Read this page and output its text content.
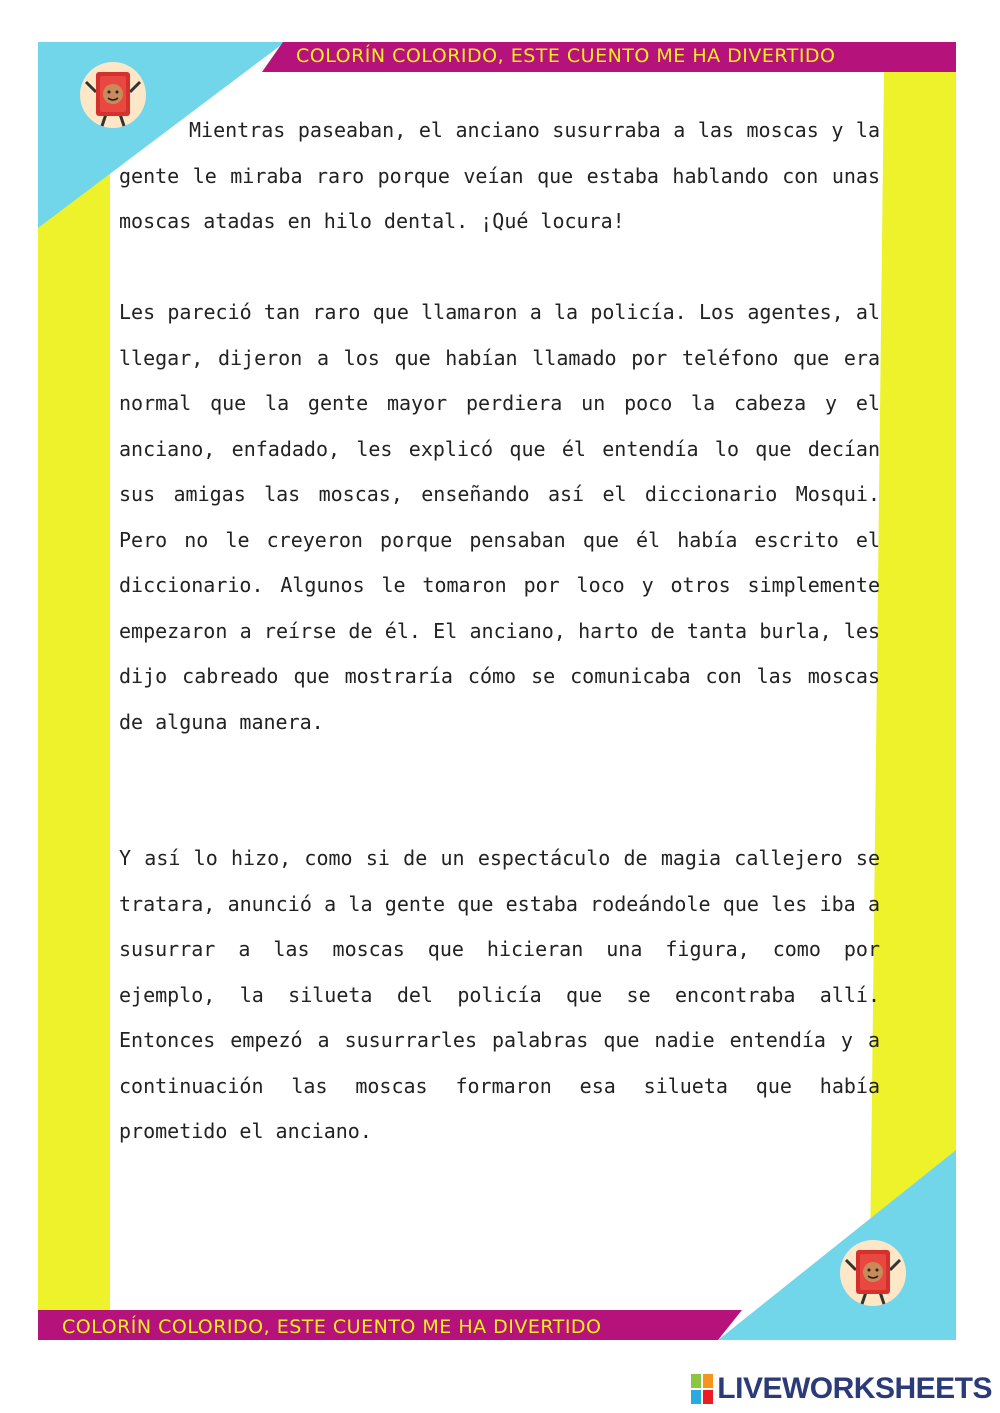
COLORÍN COLORIDO, ESTE CUENTO ME HA DIVERTIDO
COLORÍN COLORIDO, ESTE CUENTO ME HA DIVERTIDO

Mientras paseaban, el anciano susurraba a las moscas y la gente le miraba raro porque veían que estaba hablando con unas moscas atadas en hilo dental. ¡Qué locura!

Les pareció tan raro que llamaron a la policía. Los agentes, al llegar, dijeron a los que habían llamado por teléfono que era normal que la gente mayor perdiera un poco la cabeza y el anciano, enfadado, les explicó que él entendía lo que decían sus amigas las moscas, enseñando así el diccionario Mosqui. Pero no le creyeron porque pensaban que él había escrito el diccionario. Algunos le tomaron por loco y otros simplemente empezaron a reírse de él. El anciano, harto de tanta burla, les dijo cabreado que mostraría cómo se comunicaba con las moscas de alguna manera.

Y así lo hizo, como si de un espectáculo de magia callejero se tratara, anunció a la gente que estaba rodeándole que les iba a susurrar a las moscas que hicieran una figura, como por ejemplo, la silueta del policía que se encontraba allí. Entonces empezó a susurrarles palabras que nadie entendía y a continuación las moscas formaron esa silueta que había prometido el anciano.

LIVEWORKSHEETS
